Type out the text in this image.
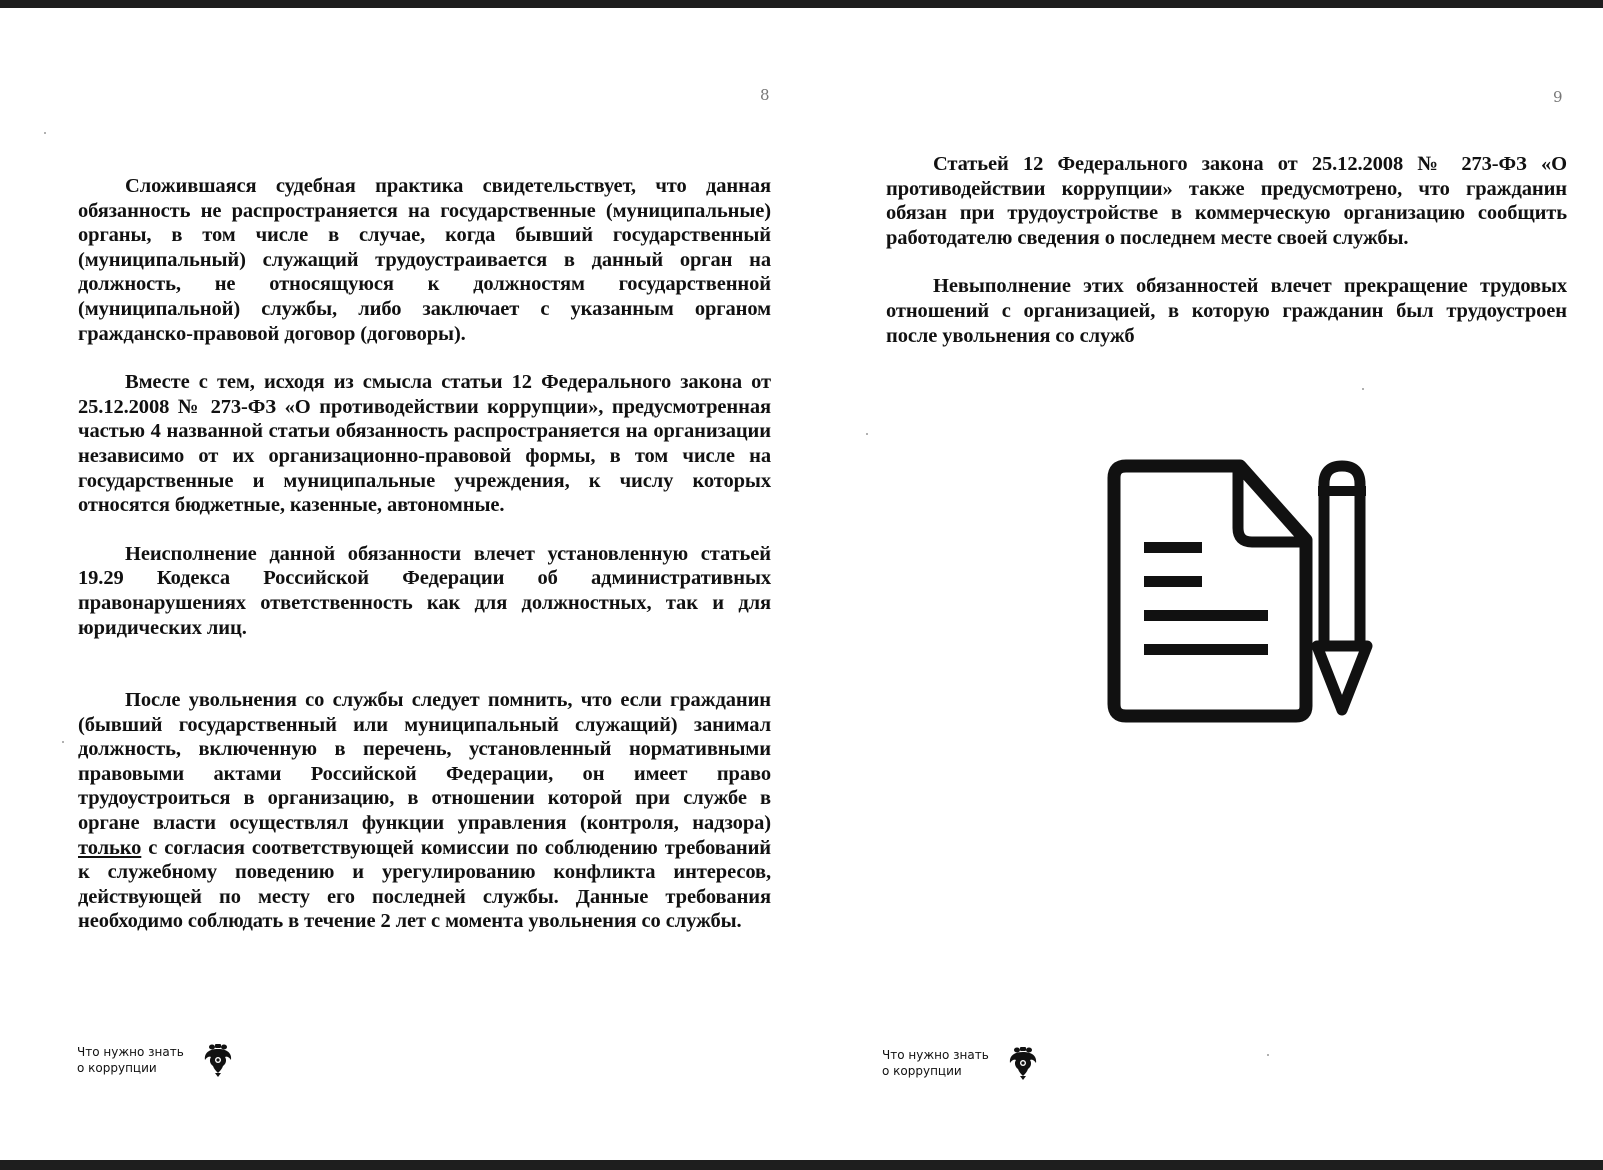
8

Сложившаяся судебная практика свидетельствует, что данная обязанность не распространяется на государственные (муниципальные) органы, в том числе в случае, когда бывший государственный (муниципальный) служащий трудоустраивается в данный орган на должность, не относящуюся к должностям государственной (муниципальной) службы, либо заключает с указанным органом гражданско-правовой договор (договоры).

Вместе с тем, исходя из смысла статьи 12 Федерального закона от 25.12.2008 № 273-ФЗ «О противодействии коррупции», предусмотренная частью 4 названной статьи обязанность распространяется на организации независимо от их организационно-правовой формы, в том числе на государственные и муниципальные учреждения, к числу которых относятся бюджетные, казенные, автономные.

Неисполнение данной обязанности влечет установленную статьей 19.29 Кодекса Российской Федерации об административных правонарушениях ответственность как для должностных, так и для юридических лиц.

После увольнения со службы следует помнить, что если гражданин (бывший государственный или муниципальный служащий) занимал должность, включенную в перечень, установленный нормативными правовыми актами Российской Федерации, он имеет право трудоустроиться в организацию, в отношении которой при службе в органе власти осуществлял функции управления (контроля, надзора) только с согласия соответствующей комиссии по соблюдению требований к служебному поведению и урегулированию конфликта интересов, действующей по месту его последней службы. Данные требования необходимо соблюдать в течение 2 лет с момента увольнения со службы.

Что нужно знать
о коррупции
9

Статьей 12 Федерального закона от 25.12.2008 № 273-ФЗ «О противодействии коррупции» также предусмотрено, что гражданин обязан при трудоустройстве в коммерческую организацию сообщить работодателю сведения о последнем месте своей службы.

Невыполнение этих обязанностей влечет прекращение трудовых отношений с организацией, в которую гражданин был трудоустроен после увольнения со служб

Что нужно знать
о коррупции
